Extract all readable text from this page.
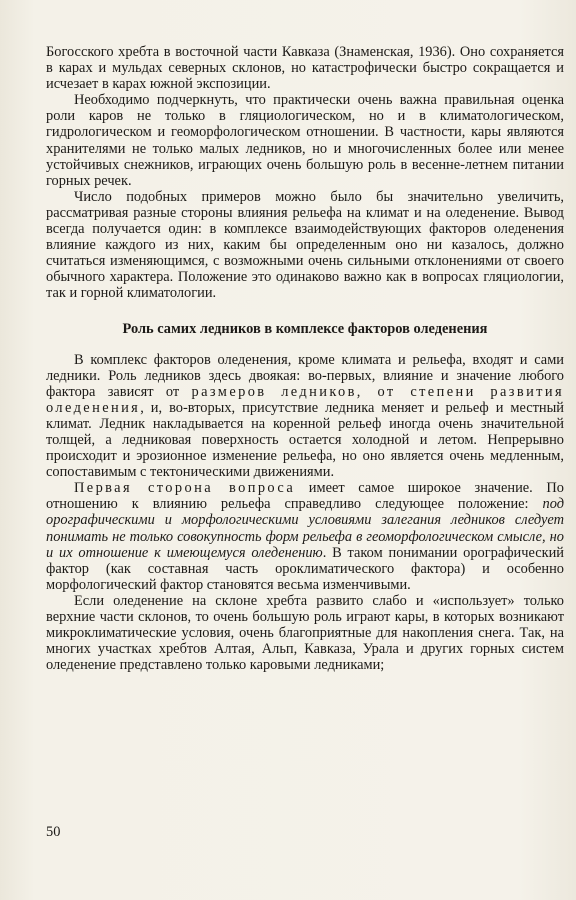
Богосского хребта в восточной части Кавказа (Знаменская, 1936). Оно сохраняется в карах и мульдах северных склонов, но катастрофически быстро сокращается и исчезает в карах южной экспозиции.

Необходимо подчеркнуть, что практически очень важна правильная оценка роли каров не только в гляциологическом, но и в климатологическом, гидрологическом и геоморфологическом отношении. В частности, кары являются хранителями не только малых ледников, но и многочисленных более или менее устойчивых снежников, играющих очень большую роль в весенне-летнем питании горных речек.

Число подобных примеров можно было бы значительно увеличить, рассматривая разные стороны влияния рельефа на климат и на оледенение. Вывод всегда получается один: в комплексе взаимодействующих факторов оледенения влияние каждого из них, каким бы определенным оно ни казалось, должно считаться изменяющимся, с возможными очень сильными отклонениями от своего обычного характера. Положение это одинаково важно как в вопросах гляциологии, так и горной климатологии.

Роль самих ледников в комплексе факторов оледенения

В комплекс факторов оледенения, кроме климата и рельефа, входят и сами ледники. Роль ледников здесь двоякая: во-первых, влияние и значение любого фактора зависят от размеров ледников, от степени развития оледенения, и, во-вторых, присутствие ледника меняет и рельеф и местный климат. Ледник накладывается на коренной рельеф иногда очень значительной толщей, а ледниковая поверхность остается холодной и летом. Непрерывно происходит и эрозионное изменение рельефа, но оно является очень медленным, сопоставимым с тектоническими движениями.

Первая сторона вопроса имеет самое широкое значение. По отношению к влиянию рельефа справедливо следующее положение: под орографическими и морфологическими условиями залегания ледников следует понимать не только совокупность форм рельефа в геоморфологическом смысле, но и их отношение к имеющемуся оледенению. В таком понимании орографический фактор (как составная часть ороклиматического фактора) и особенно морфологический фактор становятся весьма изменчивыми.

Если оледенение на склоне хребта развито слабо и «использует» только верхние части склонов, то очень большую роль играют кары, в которых возникают микроклиматические условия, очень благоприятные для накопления снега. Так, на многих участках хребтов Алтая, Альп, Кавказа, Урала и других горных систем оледенение представлено только каровыми ледниками;

50
